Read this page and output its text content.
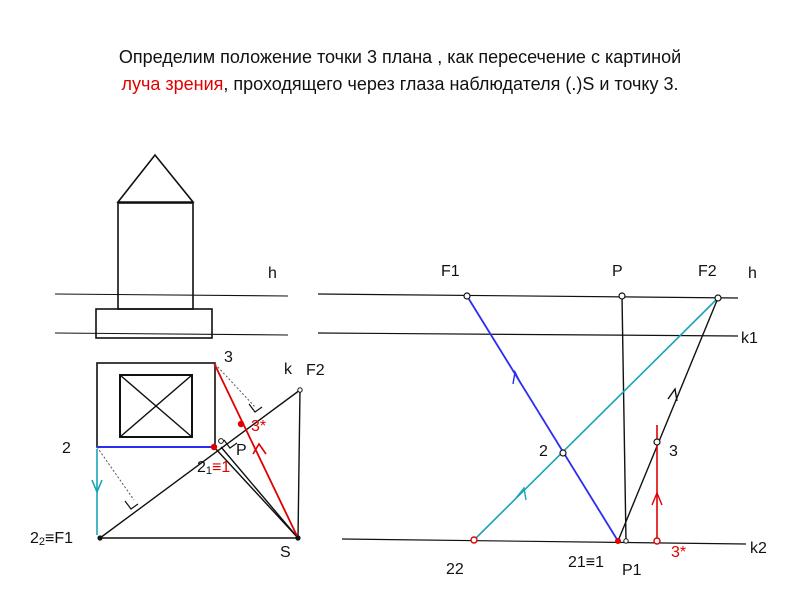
Определим положение точки 3 плана , как пересечение с картиной
луча зрения, проходящего через глаза наблюдателя (.)S и точку 3.
h
3
k F2
3*
P
2
21≡1
22≡F1
S
F1	P	F2 h
k1
2	3
k2
22	21≡1 P1
3*
